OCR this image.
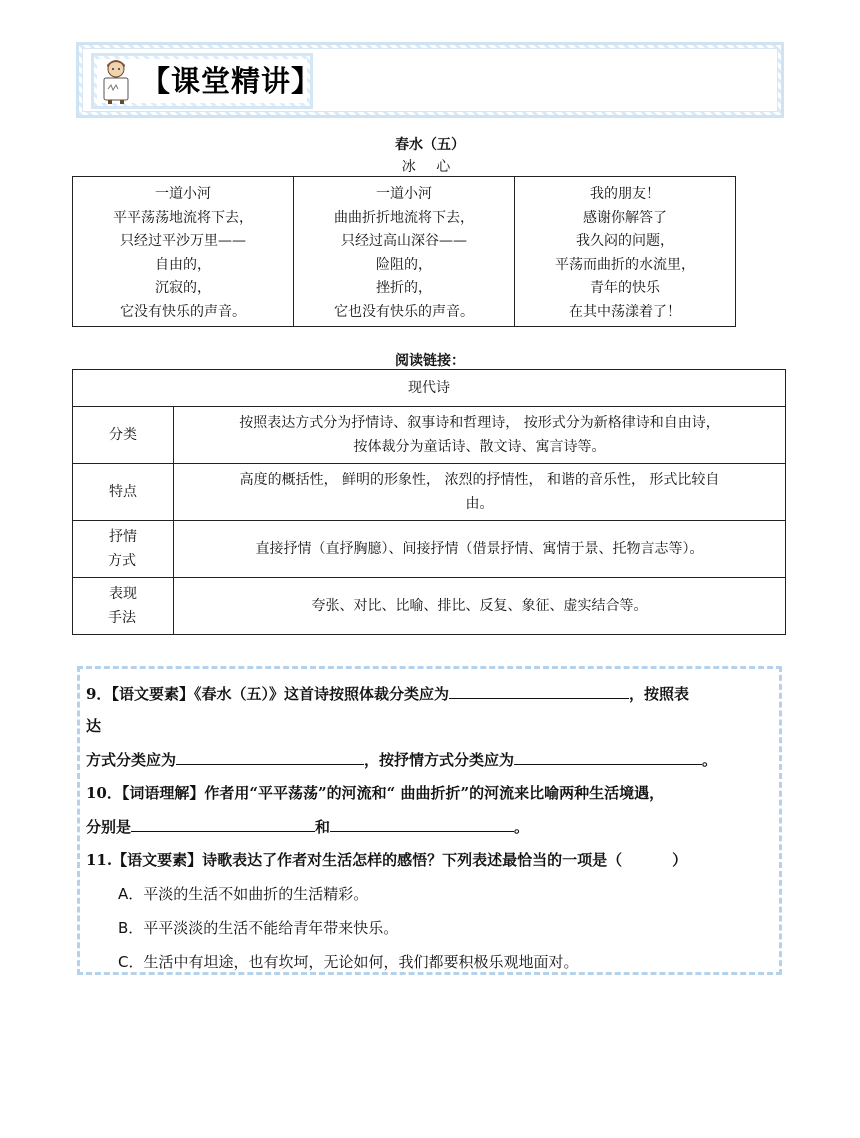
【课堂精讲】
春水（五）
冰 心
一道小河
平平荡荡地流将下去，
只经过平沙万里——
自由的，
沉寂的，
它没有快乐的声音。

一道小河
曲曲折折地流将下去，
只经过高山深谷——
险阻的，
挫折的，
它也没有快乐的声音。

我的朋友！
感谢你解答了
我久闷的问题，
平荡而曲折的水流里，
青年的快乐
在其中荡漾着了！
阅读链接：
现代诗	
分类	按照表达方式分为抒情诗、叙事诗和哲理诗， 按形式分为新格律诗和自由诗，
按体裁分为童话诗、散文诗、寓言诗等。

特点	高度的概括性， 鲜明的形象性， 浓烈的抒情性， 和谐的音乐性， 形式比较自
由。

抒情
方式	直接抒情（直抒胸臆）、间接抒情（借景抒情、寓情于景、托物言志等）。

表现
手法	夸张、对比、比喻、排比、反复、象征、虚实结合等。
9．【语文要素】《春水（五）》这首诗按照体裁分类应为	，按照表
达
方式分类应为	，按抒情方式分类应为	。
10．【词语理解】作者用“平平荡荡”的河流和“ 曲曲折折”的河流来比喻两种生活境遇，
分别是	和	。
11.【语文要素】诗歌表达了作者对生活怎样的感悟？下列表述最恰当的一项是（	）
A．平淡的生活不如曲折的生活精彩。
B．平平淡淡的生活不能给青年带来快乐。
C．生活中有坦途，也有坎坷，无论如何，我们都要积极乐观地面对。
